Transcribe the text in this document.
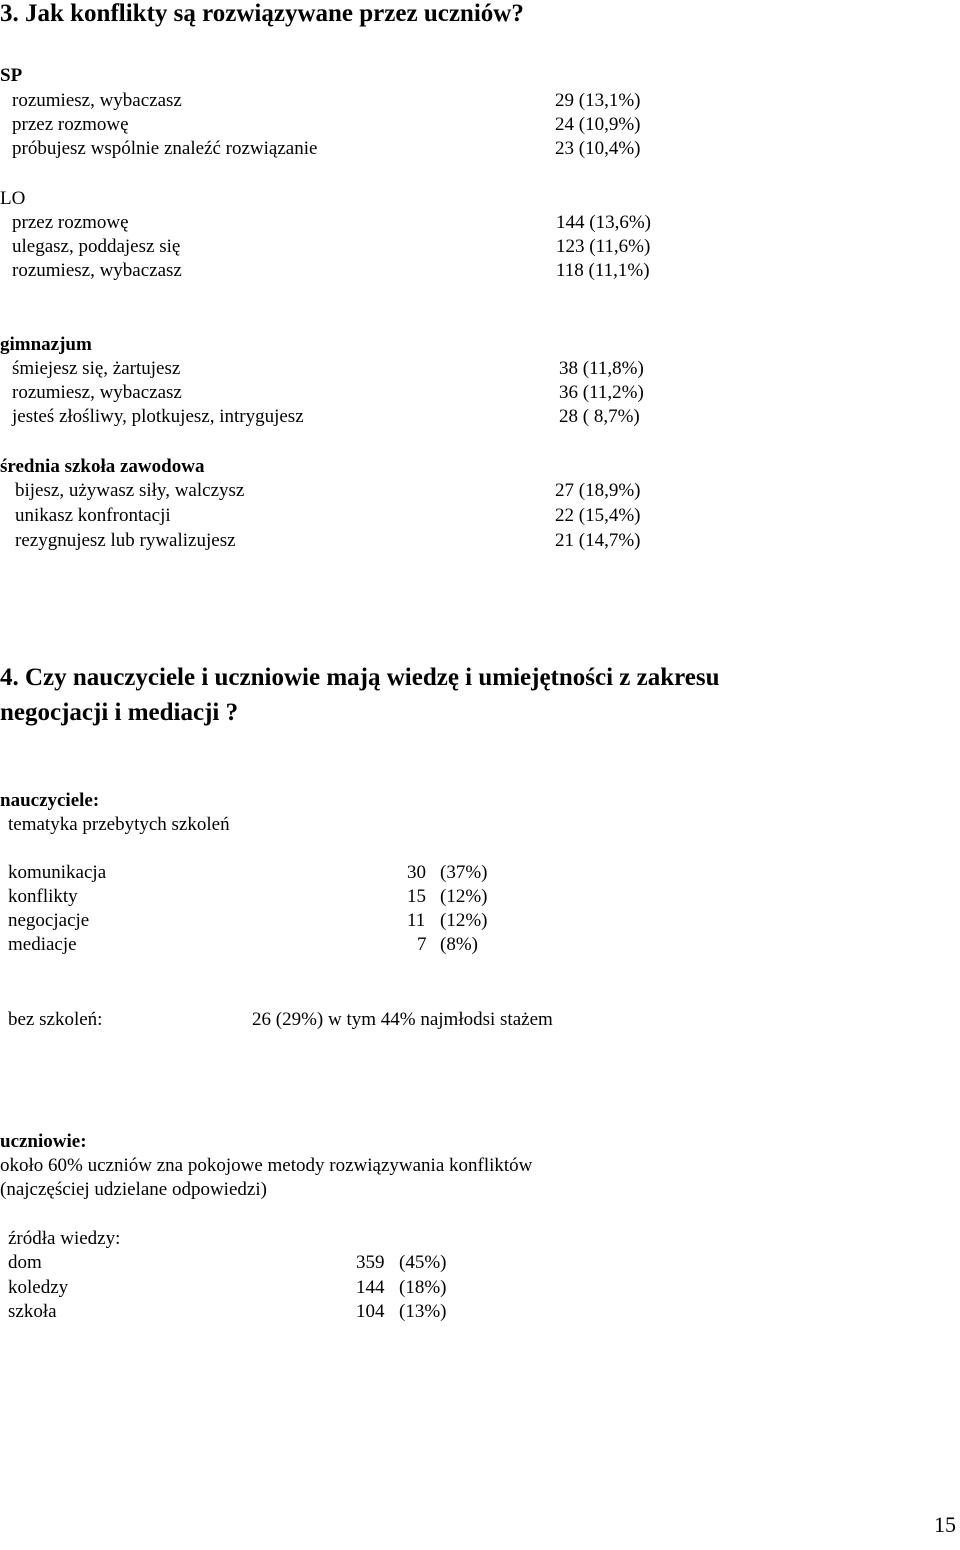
3. Jak konflikty są rozwiązywane przez uczniów?
SP
rozumiesz, wybaczasz	29 (13,1%)
przez rozmowę	24 (10,9%)
próbujesz wspólnie znaleźć rozwiązanie	23 (10,4%)
LO
przez rozmowę	144 (13,6%)
ulegasz, poddajesz się	123 (11,6%)
rozumiesz, wybaczasz	118 (11,1%)
gimnazjum
śmiejesz się, żartujesz	38 (11,8%)
rozumiesz, wybaczasz	36 (11,2%)
jesteś złośliwy, plotkujesz, intrygujesz	28 ( 8,7%)
średnia szkoła zawodowa
bijesz, używasz siły, walczysz	27 (18,9%)
unikasz konfrontacji	22 (15,4%)
rezygnujesz lub rywalizujesz	21 (14,7%)
4. Czy nauczyciele i uczniowie mają wiedzę i umiejętności z zakresu
negocjacji i mediacji ?
nauczyciele:
tematyka przebytych szkoleń
komunikacja	30 (37%)
konflikty	15 (12%)
negocjacje	11 (12%)
mediacje	7 (8%)
bez szkoleń:	26 (29%) w tym 44% najmłodsi stażem
uczniowie:
około 60% uczniów zna pokojowe metody rozwiązywania konfliktów
(najczęściej udzielane odpowiedzi)
źródła wiedzy:
dom	359 (45%)
koledzy	144 (18%)
szkoła	104 (13%)
15
